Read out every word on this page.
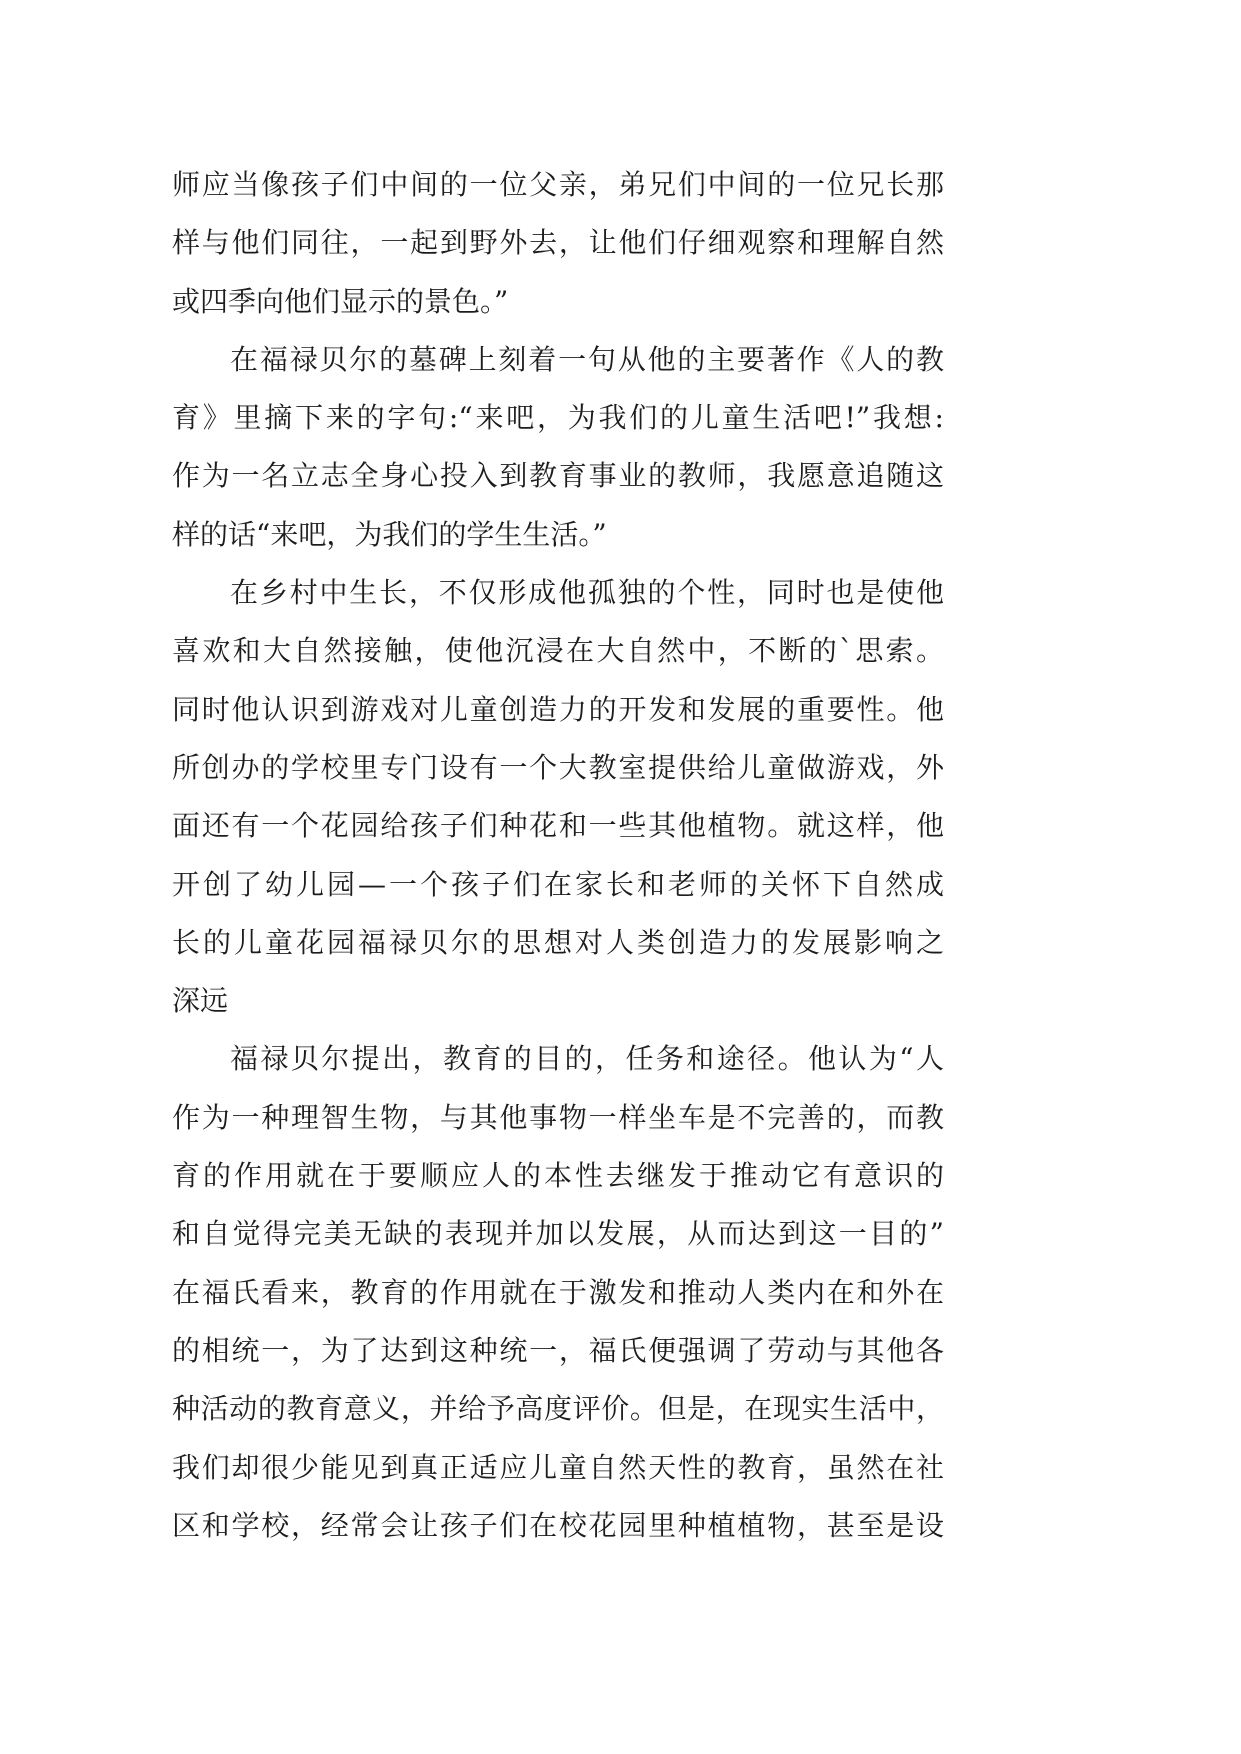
师应当像孩子们中间的一位父亲，弟兄们中间的一位兄长那
样与他们同往，一起到野外去，让他们仔细观察和理解自然
或四季向他们显示的景色。”
在福禄贝尔的墓碑上刻着一句从他的主要著作《人的教
育》里摘下来的字句:“来吧，为我们的儿童生活吧!”我想:
作为一名立志全身心投入到教育事业的教师，我愿意追随这
样的话“来吧，为我们的学生生活。”
在乡村中生长，不仅形成他孤独的个性，同时也是使他
喜欢和大自然接触，使他沉浸在大自然中，不断的`思索。
同时他认识到游戏对儿童创造力的开发和发展的重要性。他
所创办的学校里专门设有一个大教室提供给儿童做游戏，外
面还有一个花园给孩子们种花和一些其他植物。就这样，他
开创了幼儿园—一个孩子们在家长和老师的关怀下自然成
长的儿童花园福禄贝尔的思想对人类创造力的发展影响之
深远
福禄贝尔提出，教育的目的，任务和途径。他认为“人
作为一种理智生物，与其他事物一样坐车是不完善的，而教
育的作用就在于要顺应人的本性去继发于推动它有意识的
和自觉得完美无缺的表现并加以发展，从而达到这一目的”
在福氏看来，教育的作用就在于激发和推动人类内在和外在
的相统一，为了达到这种统一，福氏便强调了劳动与其他各
种活动的教育意义，并给予高度评价。但是，在现实生活中，
我们却很少能见到真正适应儿童自然天性的教育，虽然在社
区和学校，经常会让孩子们在校花园里种植植物，甚至是设
